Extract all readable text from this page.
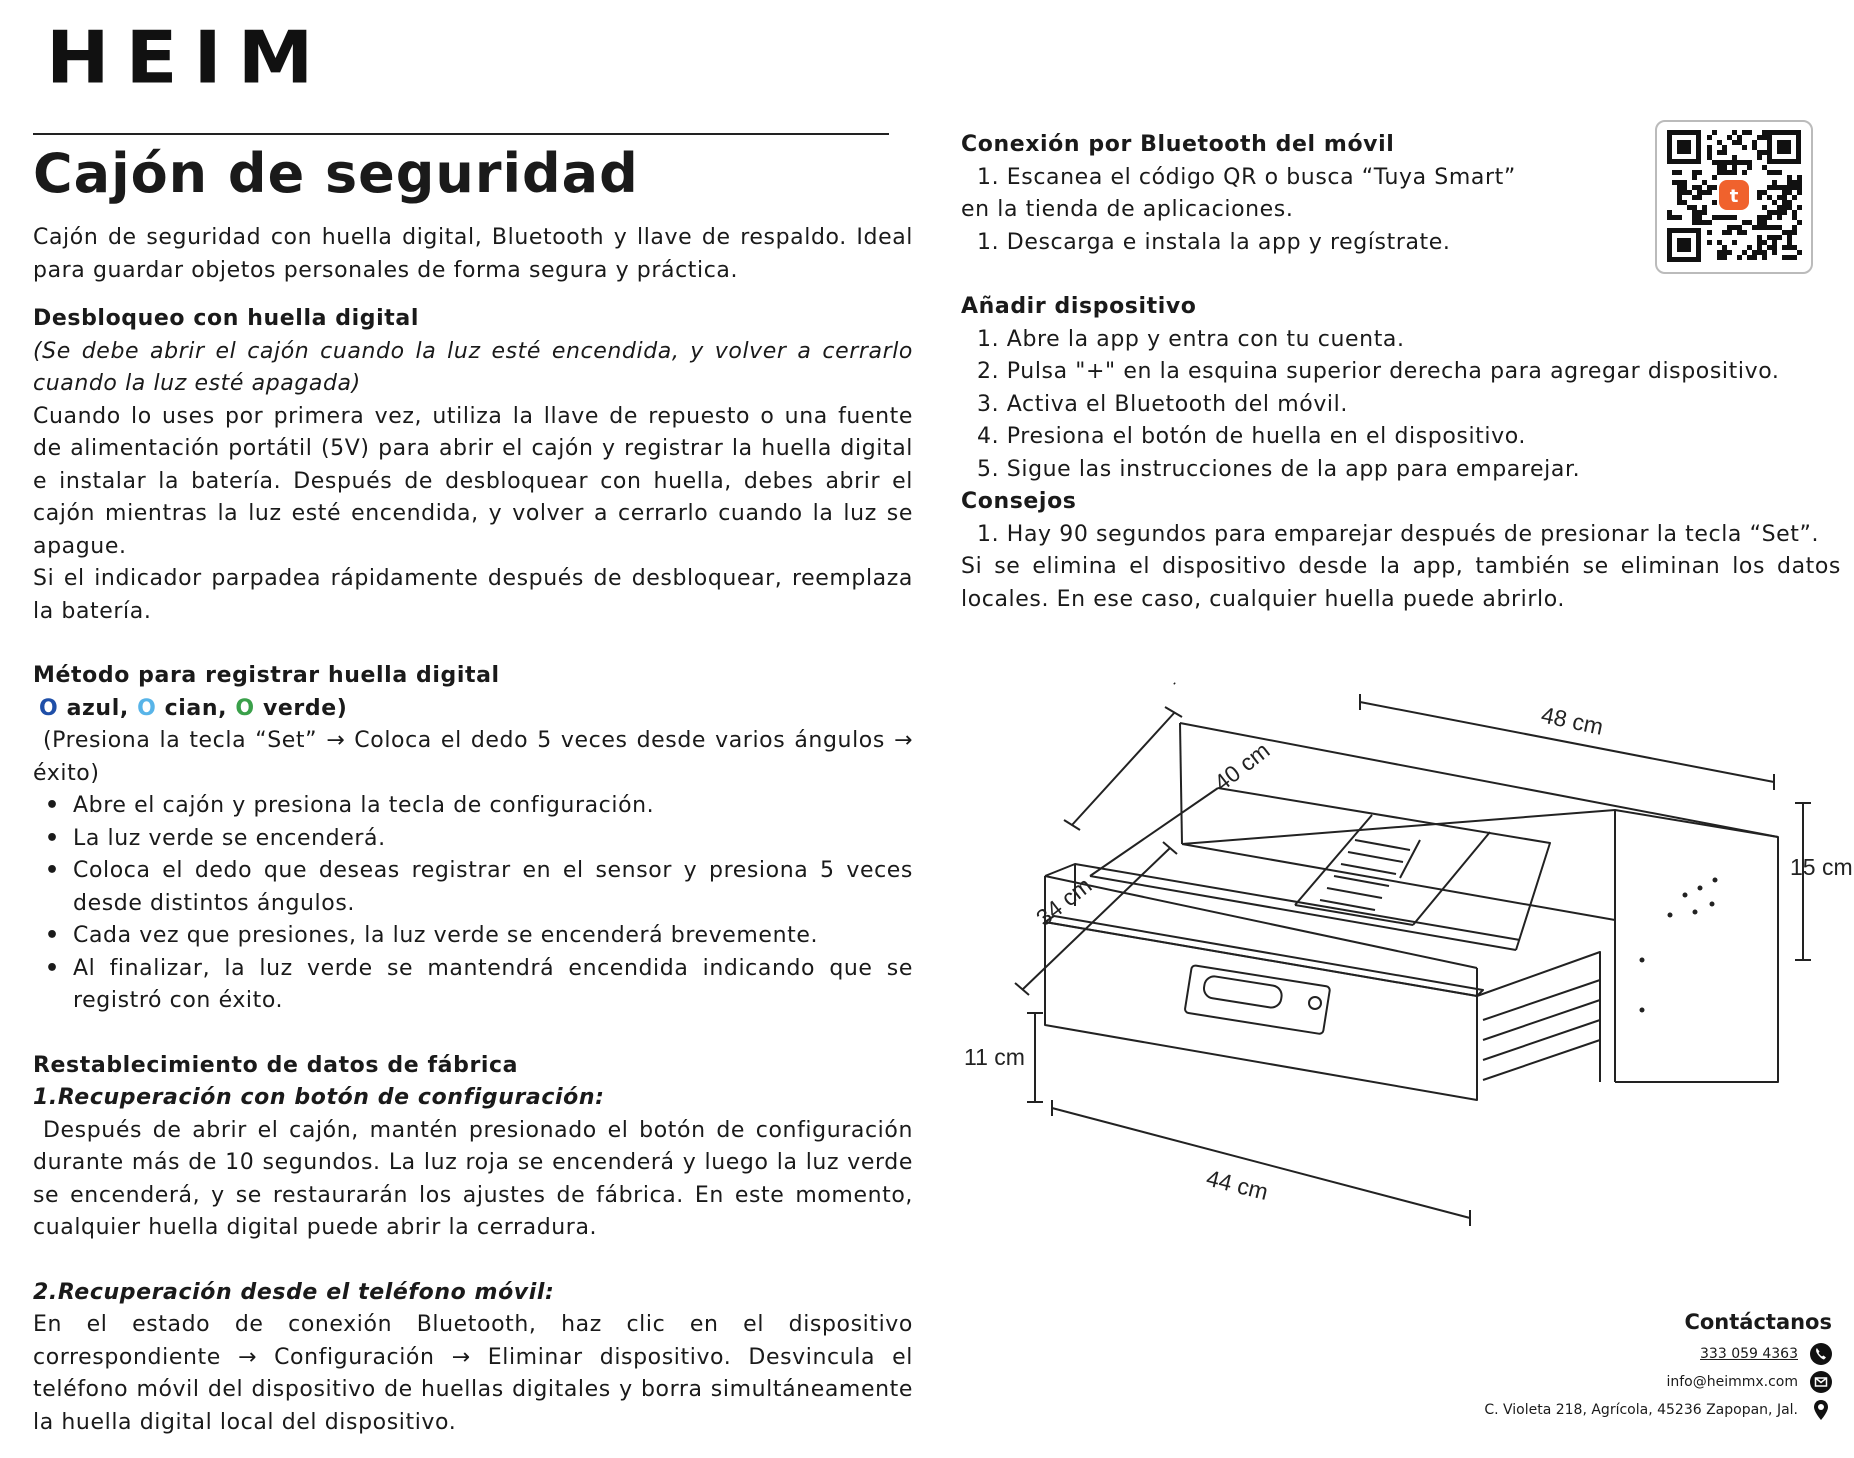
HEIM
Cajón de seguridad
Cajón de seguridad con huella digital, Bluetooth y llave de respaldo. Ideal para guardar objetos personales de forma segura y práctica.
Desbloqueo con huella digital
(Se debe abrir el cajón cuando la luz esté encendida, y volver a cerrarlo cuando la luz esté apagada)
Cuando lo uses por primera vez, utiliza la llave de repuesto o una fuente de alimentación portátil (5V) para abrir el cajón y registrar la huella digital e instalar la batería. Después de desbloquear con huella, debes abrir el cajón mientras la luz esté encendida, y volver a cerrarlo cuando la luz se apague.
Si el indicador parpadea rápidamente después de desbloquear, reemplaza la batería.
Método para registrar huella digital
O azul, O cian, O verde)
(Presiona la tecla “Set” → Coloca el dedo 5 veces desde varios ángulos → éxito)
• Abre el cajón y presiona la tecla de configuración.
• La luz verde se encenderá.
• Coloca el dedo que deseas registrar en el sensor y presiona 5 veces desde distintos ángulos.
• Cada vez que presiones, la luz verde se encenderá brevemente.
• Al finalizar, la luz verde se mantendrá encendida indicando que se registró con éxito.
Restablecimiento de datos de fábrica
1.Recuperación con botón de configuración:
Después de abrir el cajón, mantén presionado el botón de configuración durante más de 10 segundos. La luz roja se encenderá y luego la luz verde se encenderá, y se restaurarán los ajustes de fábrica. En este momento, cualquier huella digital puede abrir la cerradura.
2.Recuperación desde el teléfono móvil:
En el estado de conexión Bluetooth, haz clic en el dispositivo correspondiente → Configuración → Eliminar dispositivo. Desvincula el teléfono móvil del dispositivo de huellas digitales y borra simultáneamente la huella digital local del dispositivo.
Conexión por Bluetooth del móvil
1. Escanea el código QR o busca “Tuya Smart”
en la tienda de aplicaciones.
1. Descarga e instala la app y regístrate.
Añadir dispositivo
1. Abre la app y entra con tu cuenta.
2. Pulsa "+" en la esquina superior derecha para agregar dispositivo.
3. Activa el Bluetooth del móvil.
4. Presiona el botón de huella en el dispositivo.
5. Sigue las instrucciones de la app para emparejar.
Consejos
1. Hay 90 segundos para emparejar después de presionar la tecla “Set”.
Si se elimina el dispositivo desde la app, también se eliminan los datos locales. En ese caso, cualquier huella puede abrirlo.
t
48 cm
40 cm
15 cm
34 cm
11 cm
44 cm
Contáctanos
333 059 4363
info@heimmx.com
C. Violeta 218, Agrícola, 45236 Zapopan, Jal.
